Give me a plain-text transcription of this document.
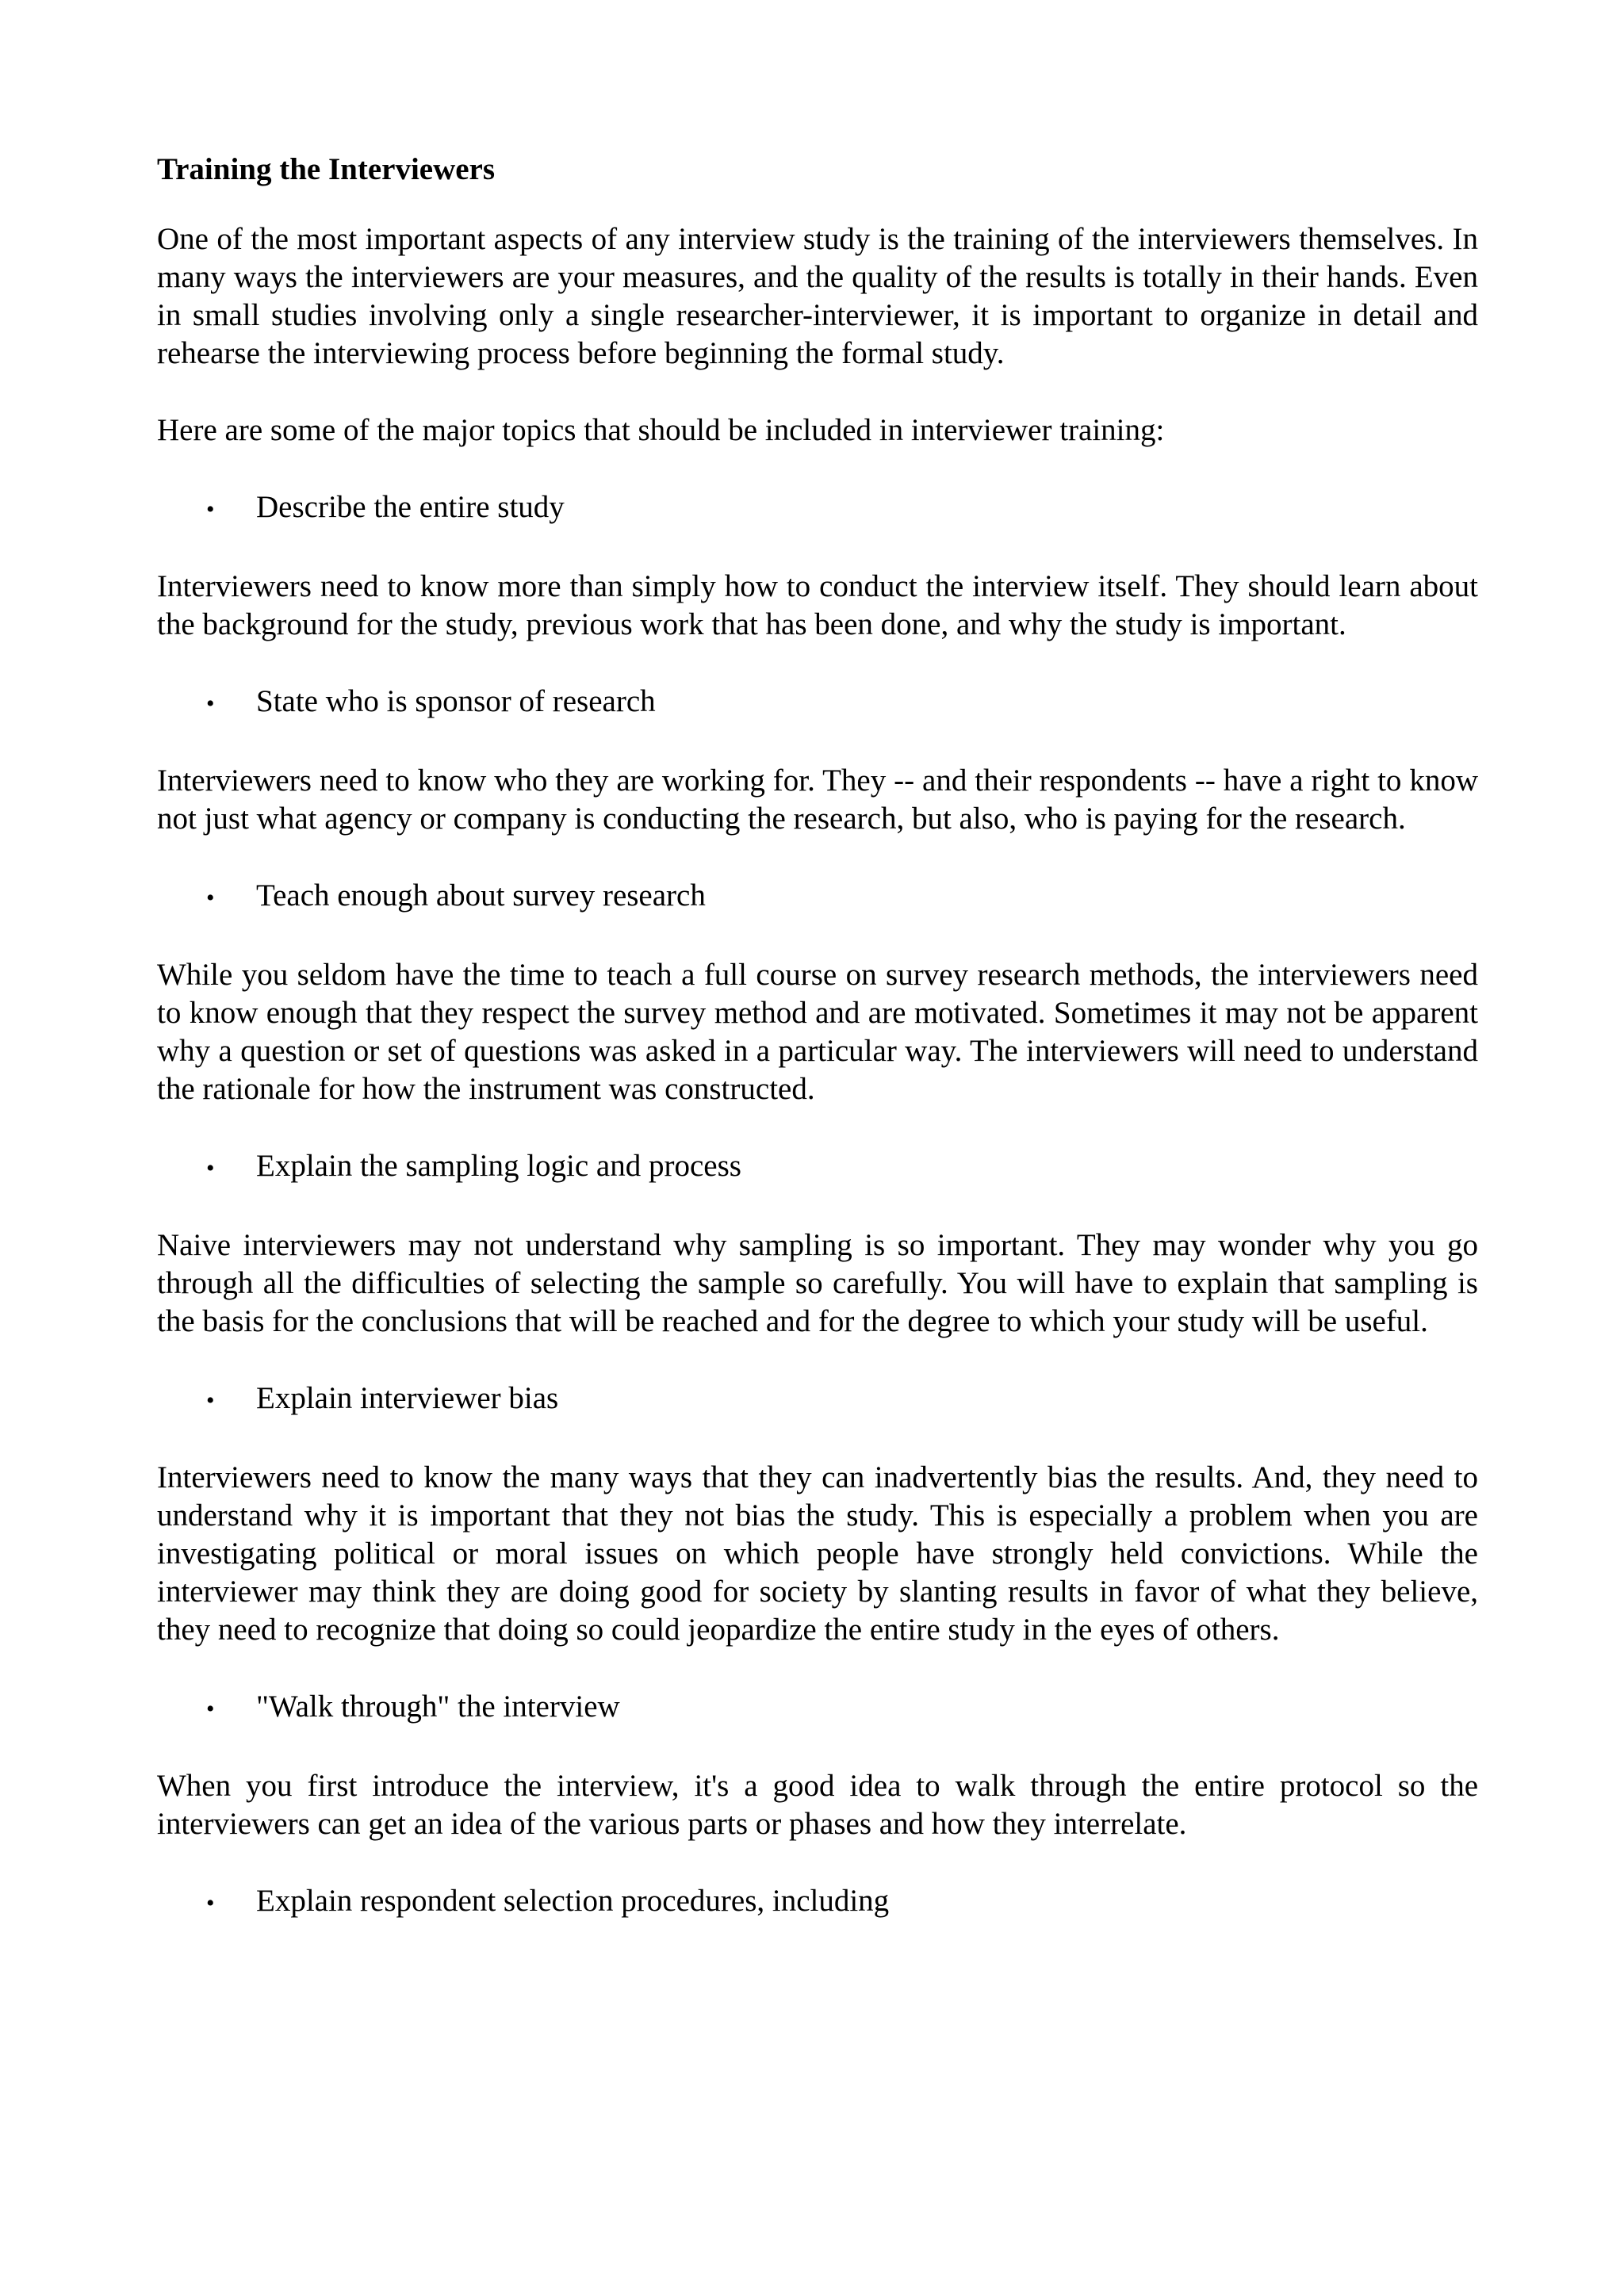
Training the Interviewers

One of the most important aspects of any interview study is the training of the interviewers themselves. In many ways the interviewers are your measures, and the quality of the results is totally in their hands. Even in small studies involving only a single researcher-interviewer, it is important to organize in detail and rehearse the interviewing process before beginning the formal study.

Here are some of the major topics that should be included in interviewer training:

•	Describe the entire study

Interviewers need to know more than simply how to conduct the interview itself. They should learn about the background for the study, previous work that has been done, and why the study is important.

•	State who is sponsor of research

Interviewers need to know who they are working for. They -- and their respondents -- have a right to know not just what agency or company is conducting the research, but also, who is paying for the research.

•	Teach enough about survey research

While you seldom have the time to teach a full course on survey research methods, the interviewers need to know enough that they respect the survey method and are motivated. Sometimes it may not be apparent why a question or set of questions was asked in a particular way. The interviewers will need to understand the rationale for how the instrument was constructed.

•	Explain the sampling logic and process

Naive interviewers may not understand why sampling is so important. They may wonder why you go through all the difficulties of selecting the sample so carefully. You will have to explain that sampling is the basis for the conclusions that will be reached and for the degree to which your study will be useful.

•	Explain interviewer bias

Interviewers need to know the many ways that they can inadvertently bias the results. And, they need to understand why it is important that they not bias the study. This is especially a problem when you are investigating political or moral issues on which people have strongly held convictions. While the interviewer may think they are doing good for society by slanting results in favor of what they believe, they need to recognize that doing so could jeopardize the entire study in the eyes of others.

•	"Walk through" the interview

When you first introduce the interview, it's a good idea to walk through the entire protocol so the interviewers can get an idea of the various parts or phases and how they interrelate.

•	Explain respondent selection procedures, including
